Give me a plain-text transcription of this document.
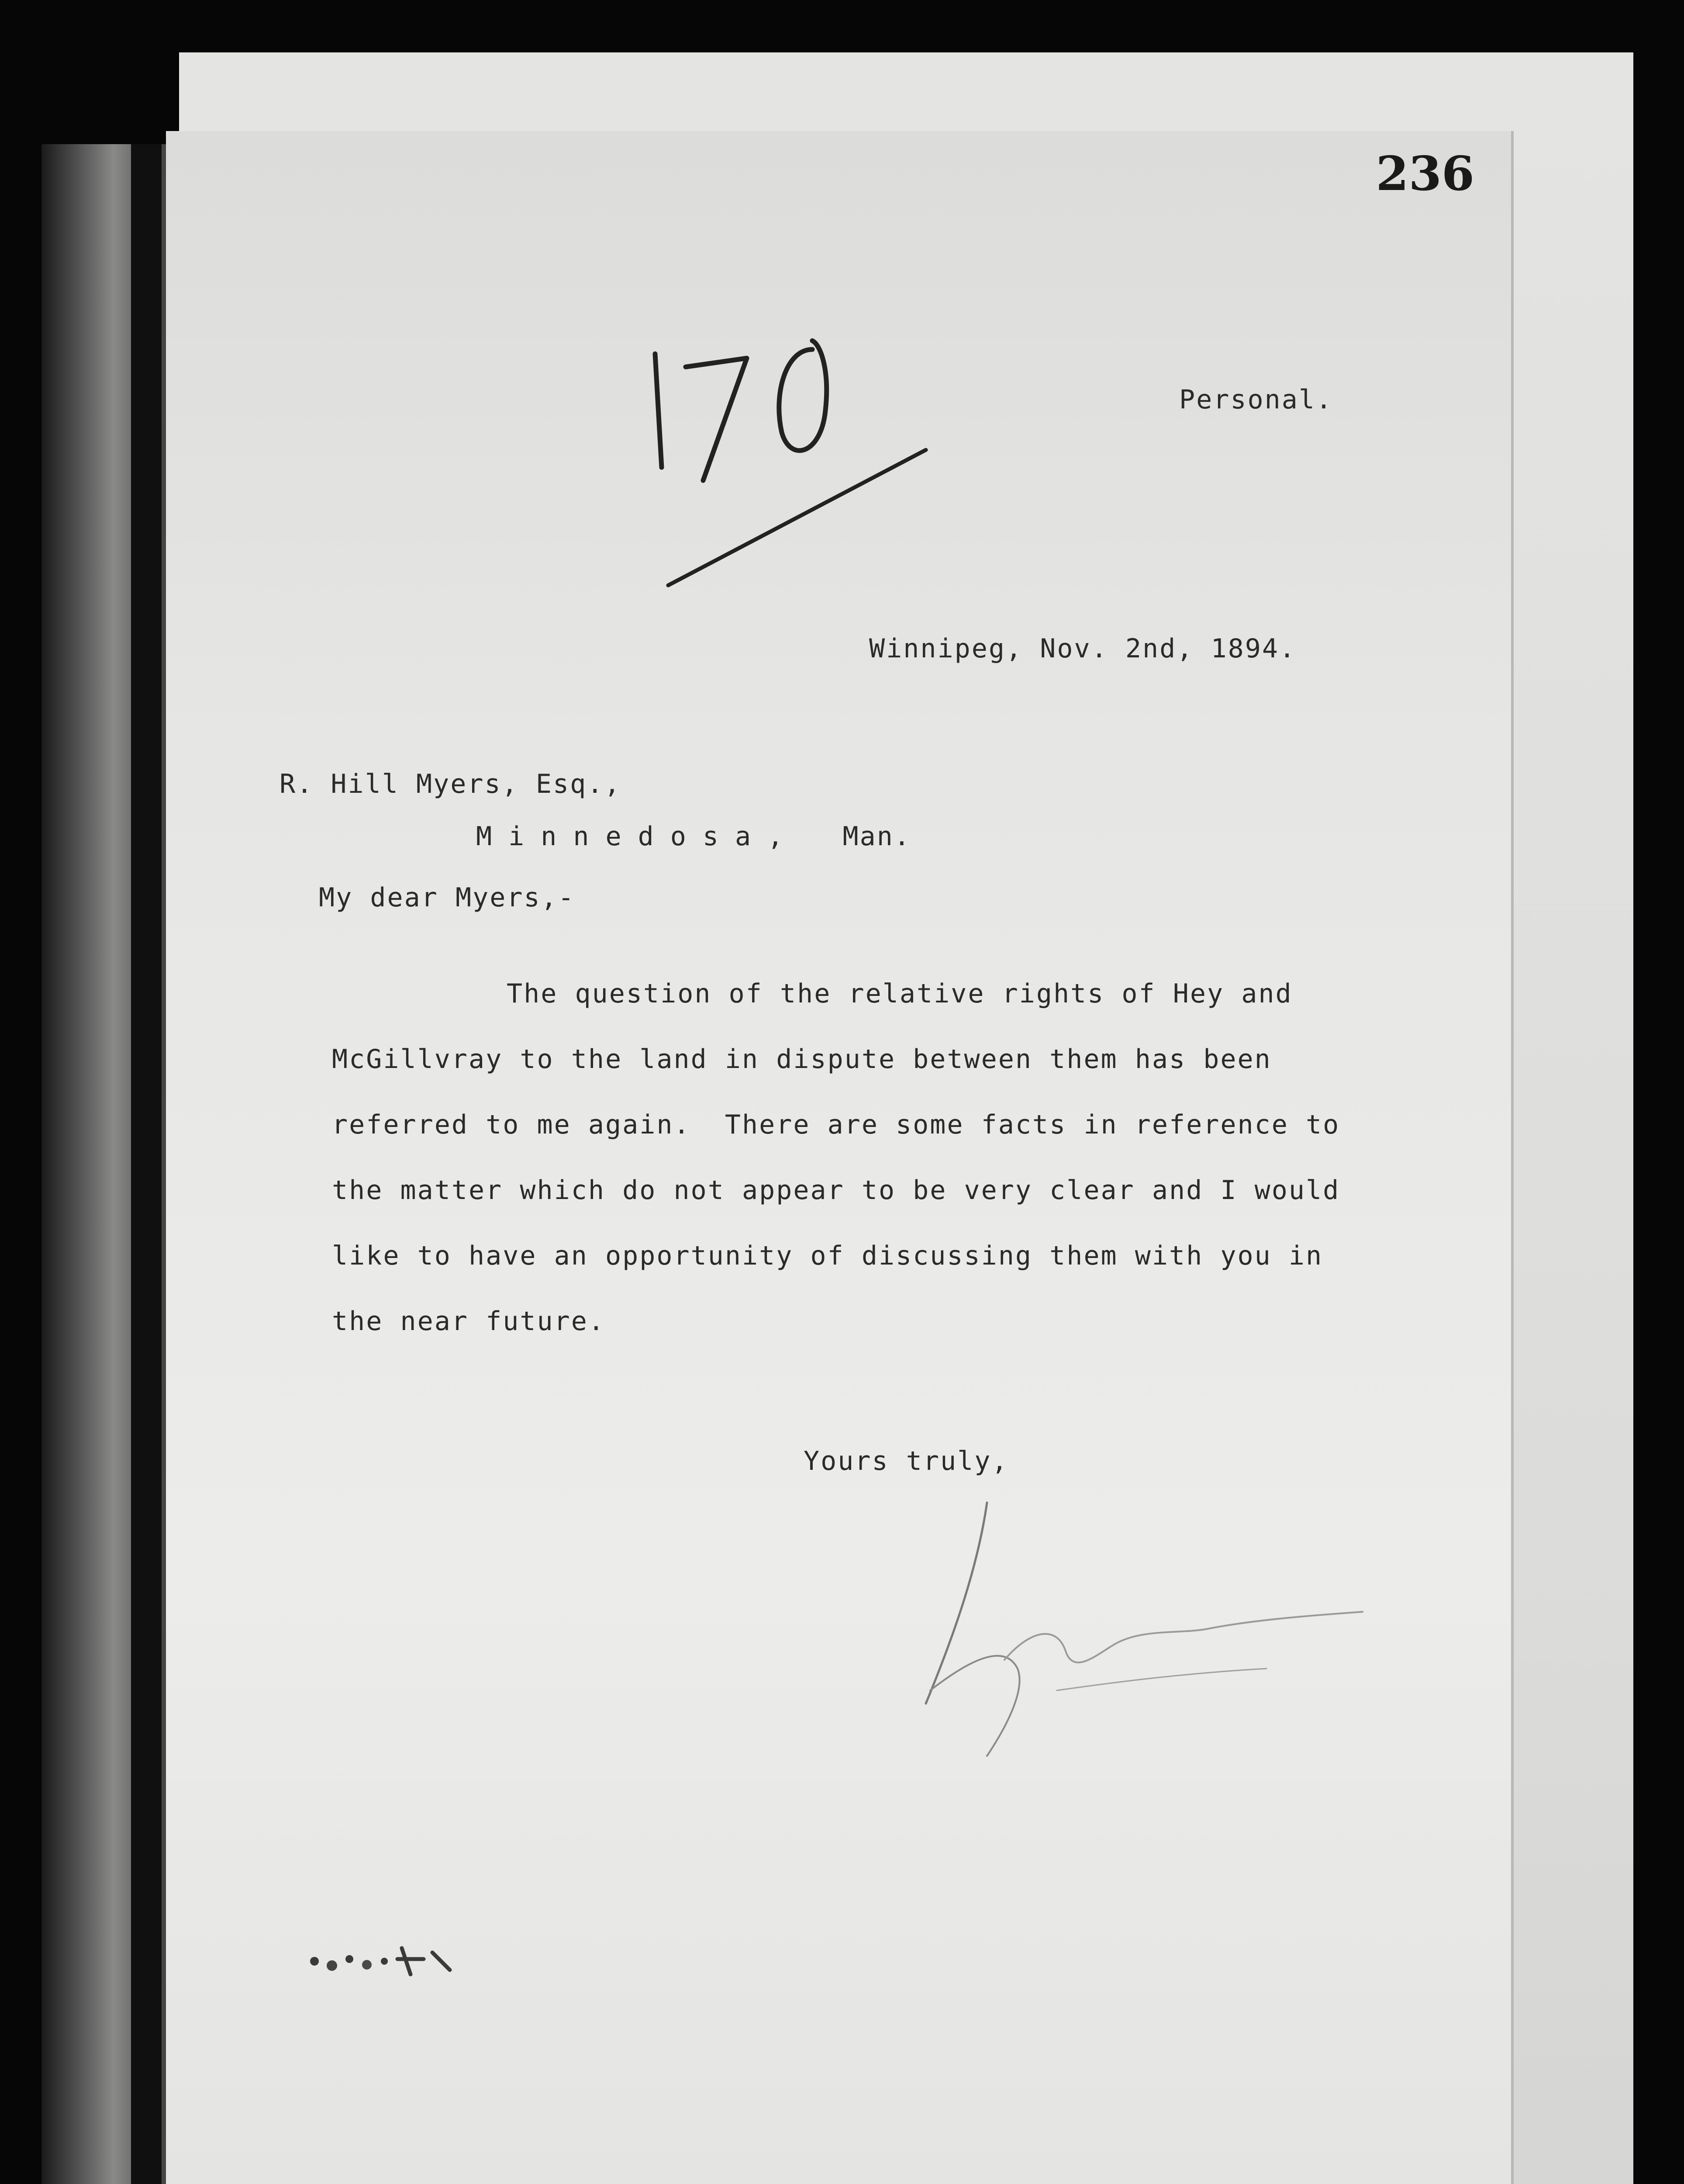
236
Personal.
Winnipeg, Nov. 2nd, 1894.
R. Hill Myers, Esq.,
Minnedosa, Man.
My dear Myers,-
The question of the relative rights of Hey and
McGillvray to the land in dispute between them has been
referred to me again.  There are some facts in reference to
the matter which do not appear to be very clear and I would
like to have an opportunity of discussing them with you in
the near future.
Yours truly,
